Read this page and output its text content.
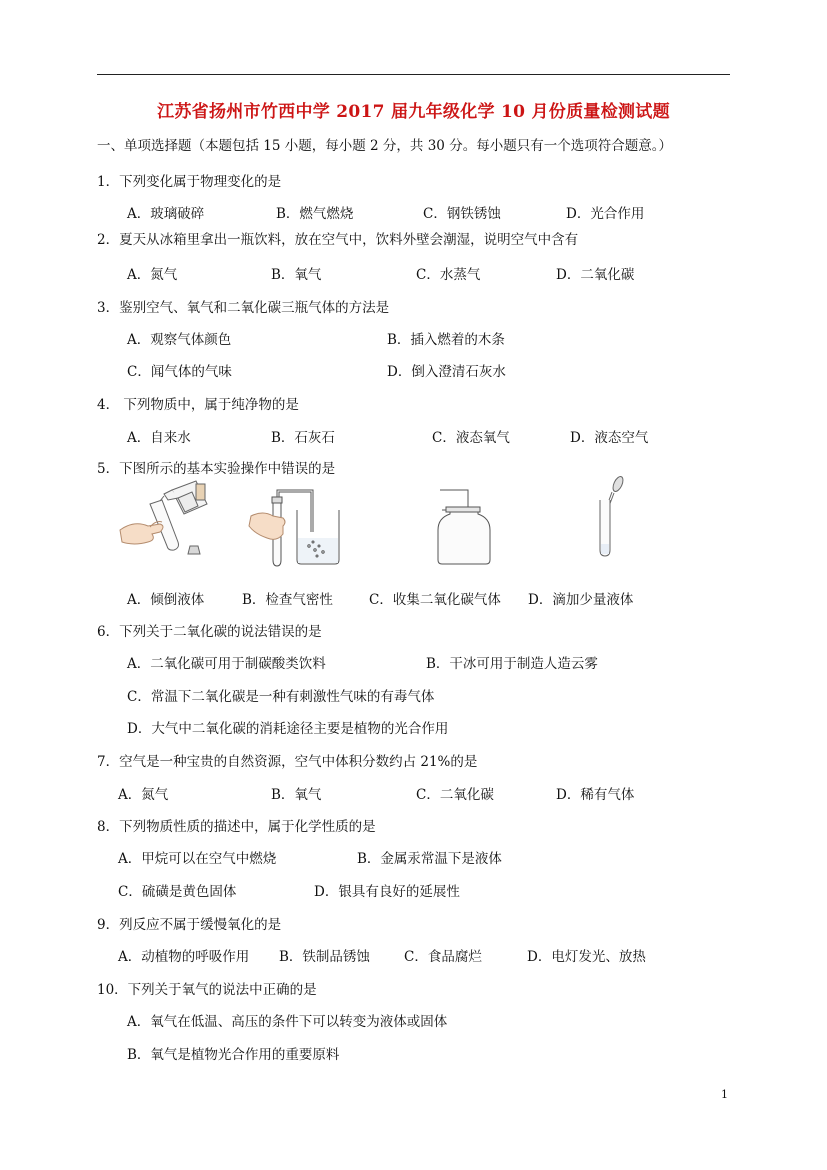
江苏省扬州市竹西中学 2017 届九年级化学 10 月份质量检测试题
一、单项选择题（本题包括 15 小题，每小题 2 分，共 30 分。每小题只有一个选项符合题意。）
1．下列变化属于物理变化的是
A．玻璃破碎	B．燃气燃烧	C．钢铁锈蚀	D．光合作用
2．夏天从冰箱里拿出一瓶饮料，放在空气中，饮料外壁会潮湿，说明空气中含有
A．氮气	B．氧气	C．水蒸气	D．二氧化碳
3．鉴别空气、氧气和二氧化碳三瓶气体的方法是
A．观察气体颜色	B．插入燃着的木条
C．闻气体的气味	D．倒入澄清石灰水
4． 下列物质中，属于纯净物的是
A．自来水	B．石灰石	C．液态氧气	D．液态空气
5．下图所示的基本实验操作中错误的是
A．倾倒液体	B．检查气密性	C．收集二氧化碳气体 D．滴加少量液体
6．下列关于二氧化碳的说法错误的是
A．二氧化碳可用于制碳酸类饮料	B．干冰可用于制造人造云雾
C．常温下二氧化碳是一种有刺激性气味的有毒气体
D．大气中二氧化碳的消耗途径主要是植物的光合作用
7．空气是一种宝贵的自然资源，空气中体积分数约占 21%的是
A．氮气	B．氧气	C．二氧化碳	D．稀有气体
8．下列物质性质的描述中，属于化学性质的是
A．甲烷可以在空气中燃烧	B．金属汞常温下是液体
C．硫磺是黄色固体	D．银具有良好的延展性
9．列反应不属于缓慢氧化的是
A．动植物的呼吸作用 B．铁制品锈蚀	C．食品腐烂	D．电灯发光、放热
10．下列关于氧气的说法中正确的是
A．氧气在低温、高压的条件下可以转变为液体或固体
B．氧气是植物光合作用的重要原料
1
